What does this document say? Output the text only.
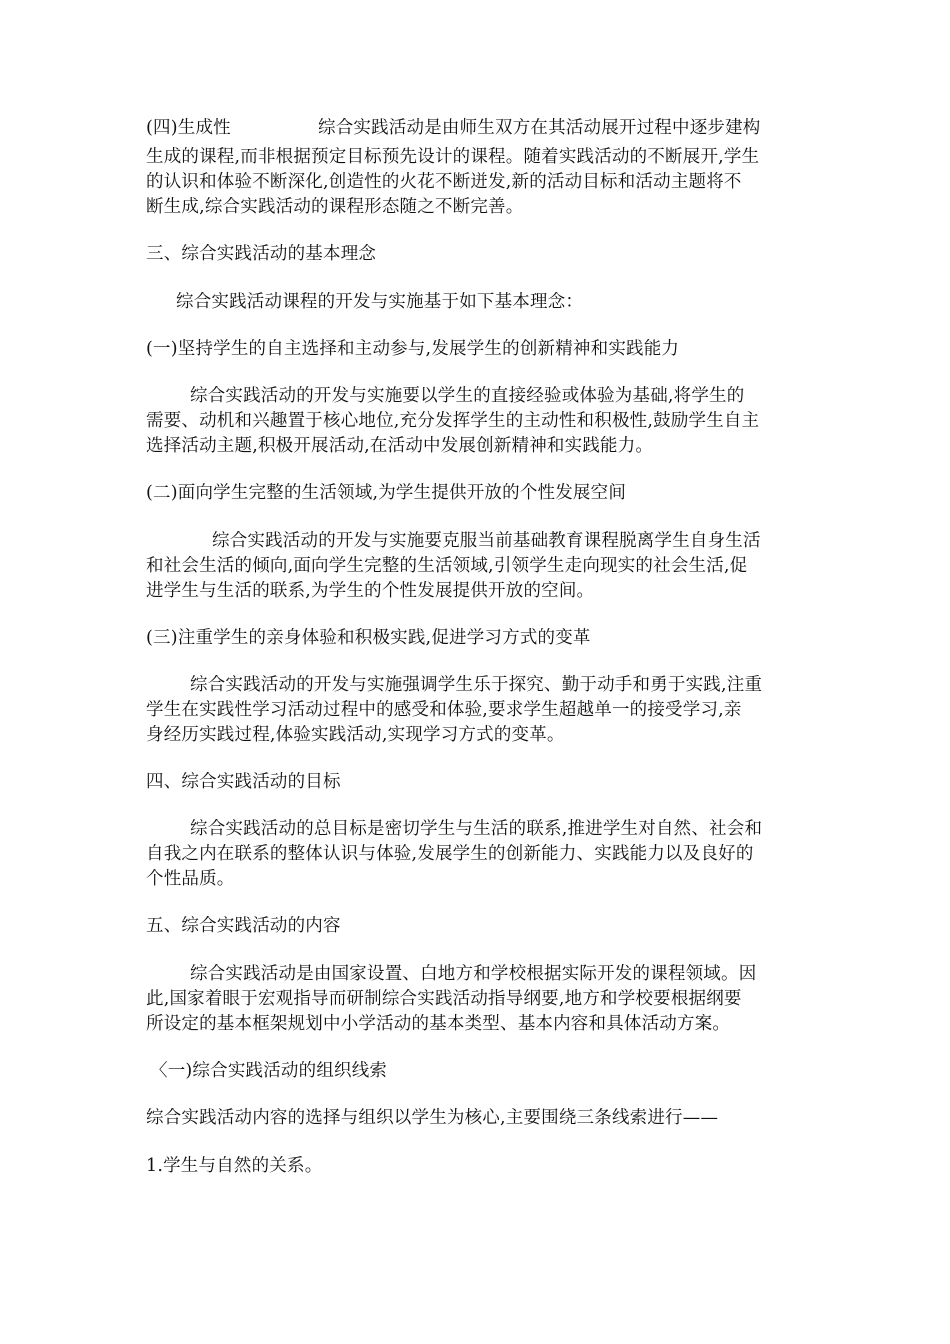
(四)生成性	综合实践活动是由师生双方在其活动展开过程中逐步建构
生成的课程,而非根据预定目标预先设计的课程。随着实践活动的不断展开,学生
的认识和体验不断深化,创造性的火花不断迸发,新的活动目标和活动主题将不
断生成,综合实践活动的课程形态随之不断完善。
三、综合实践活动的基本理念
综合实践活动课程的开发与实施基于如下基本理念：
(一)坚持学生的自主选择和主动参与,发展学生的创新精神和实践能力
综合实践活动的开发与实施要以学生的直接经验或体验为基础,将学生的
需要、动机和兴趣置于核心地位,充分发挥学生的主动性和积极性,鼓励学生自主
选择活动主题,积极开展活动,在活动中发展创新精神和实践能力。
(二)面向学生完整的生活领域,为学生提供开放的个性发展空间
综合实践活动的开发与实施要克服当前基础教育课程脱离学生自身生活
和社会生活的倾向,面向学生完整的生活领域,引领学生走向现实的社会生活,促
进学生与生活的联系,为学生的个性发展提供开放的空间。
(三)注重学生的亲身体验和积极实践,促进学习方式的变革
综合实践活动的开发与实施强调学生乐于探究、勤于动手和勇于实践,注重
学生在实践性学习活动过程中的感受和体验,要求学生超越单一的接受学习,亲
身经历实践过程,体验实践活动,实现学习方式的变革。
四、综合实践活动的目标
综合实践活动的总目标是密切学生与生活的联系,推进学生对自然、社会和
自我之内在联系的整体认识与体验,发展学生的创新能力、实践能力以及良好的
个性品质。
五、综合实践活动的内容
综合实践活动是由国家设置、白地方和学校根据实际开发的课程领域。因
此,国家着眼于宏观指导而研制综合实践活动指导纲要,地方和学校要根据纲要
所设定的基本框架规划中小学活动的基本类型、基本内容和具体活动方案。
〈一)综合实践活动的组织线索
综合实践活动内容的选择与组织以学生为核心,主要围绕三条线索进行——
1.学生与自然的关系。
